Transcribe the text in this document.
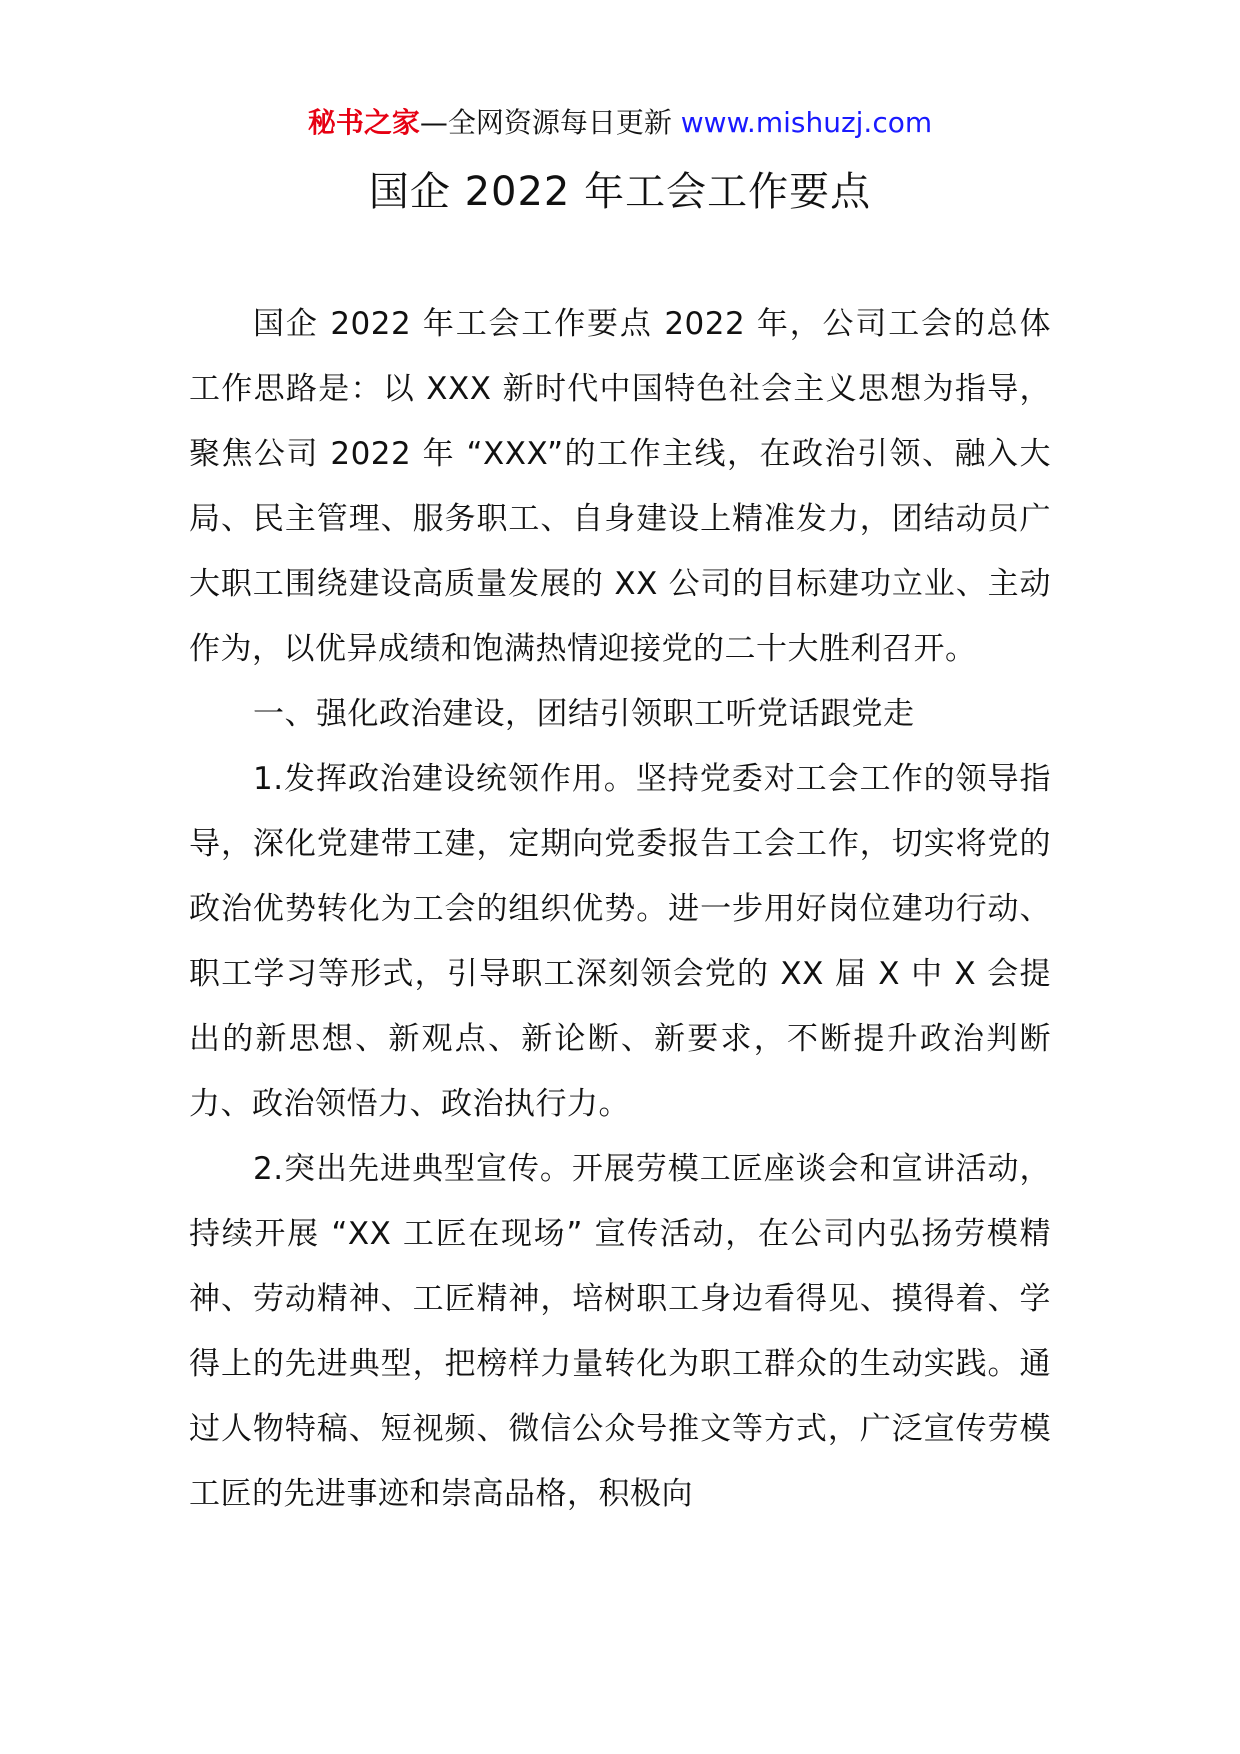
秘书之家—全网资源每日更新 www.mishuzj.com
国企 2022 年工会工作要点

国企 2022 年工会工作要点 2022 年，公司工会的总体工作思路是：以 XXX 新时代中国特色社会主义思想为指导，聚焦公司 2022 年 “XXX”的工作主线，在政治引领、融入大局、民主管理、服务职工、自身建设上精准发力，团结动员广大职工围绕建设高质量发展的 XX 公司的目标建功立业、主动作为，以优异成绩和饱满热情迎接党的二十大胜利召开。

一、强化政治建设，团结引领职工听党话跟党走

1.发挥政治建设统领作用。坚持党委对工会工作的领导指导，深化党建带工建，定期向党委报告工会工作，切实将党的政治优势转化为工会的组织优势。进一步用好岗位建功行动、职工学习等形式，引导职工深刻领会党的 XX 届 X 中 X 会提出的新思想、新观点、新论断、新要求，不断提升政治判断力、政治领悟力、政治执行力。

2.突出先进典型宣传。开展劳模工匠座谈会和宣讲活动，持续开展 “XX 工匠在现场” 宣传活动，在公司内弘扬劳模精神、劳动精神、工匠精神，培树职工身边看得见、摸得着、学得上的先进典型，把榜样力量转化为职工群众的生动实践。通过人物特稿、短视频、微信公众号推文等方式，广泛宣传劳模工匠的先进事迹和崇高品格，积极向
